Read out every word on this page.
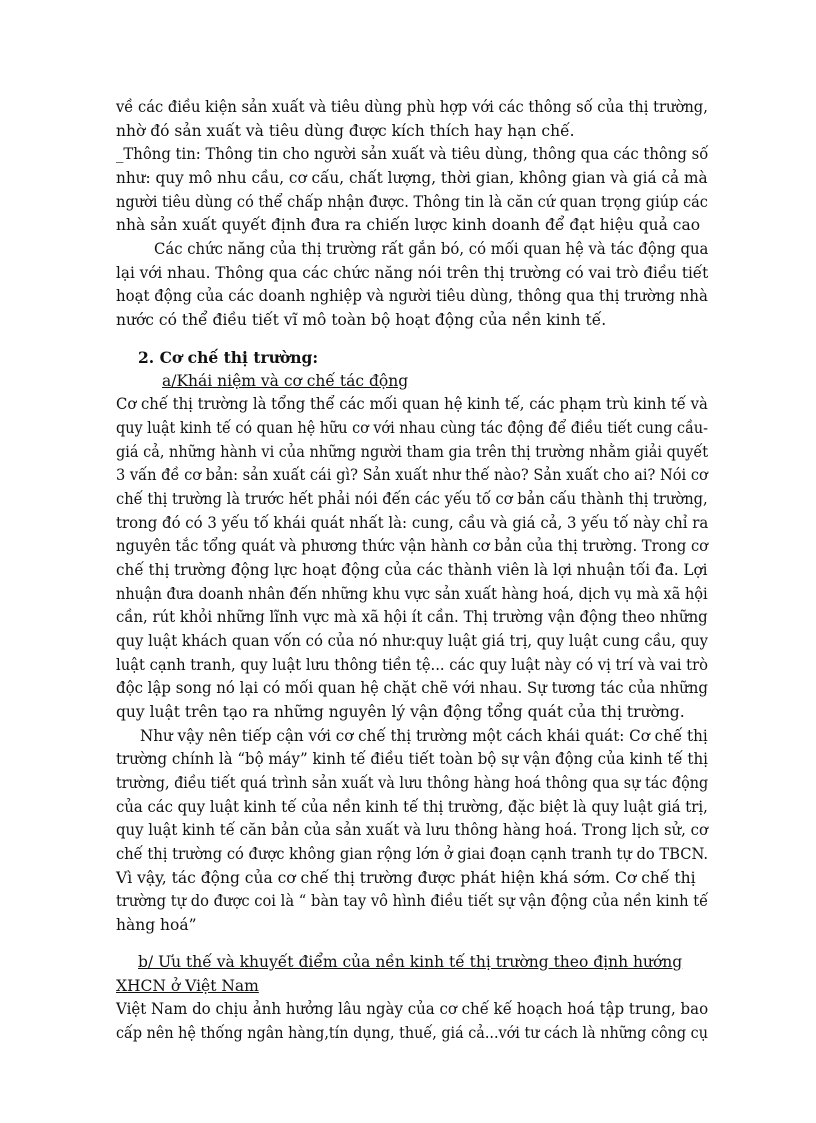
về các điều kiện sản xuất và tiêu dùng phù hợp với các thông số của thị trường,
nhờ đó sản xuất và tiêu dùng được kích thích hay hạn chế.
_Thông tin: Thông tin cho người sản xuất và tiêu dùng, thông qua các thông số
như: quy mô nhu cầu, cơ cấu, chất lượng, thời gian, không gian và giá cả mà
người tiêu dùng có thể chấp nhận được. Thông tin là căn cứ quan trọng giúp các
nhà sản xuất quyết định đưa ra chiến lược kinh doanh để đạt hiệu quả cao
Các chức năng của thị trường rất gắn bó, có mối quan hệ và tác động qua
lại với nhau. Thông qua các chức năng nói trên thị trường có vai trò điều tiết
hoạt động của các doanh nghiệp và người tiêu dùng, thông qua thị trường nhà
nước có thể điều tiết vĩ mô toàn bộ hoạt động của nền kinh tế.
2. Cơ chế thị trường:
a/Khái niệm và cơ chế tác động
Cơ chế thị trường là tổng thể các mối quan hệ kinh tế, các phạm trù kinh tế và
quy luật kinh tế có quan hệ hữu cơ với nhau cùng tác động để điều tiết cung cầu-
giá cả, những hành vi của những người tham gia trên thị trường nhằm giải quyết
3 vấn đề cơ bản: sản xuất cái gì? Sản xuất như thế nào? Sản xuất cho ai? Nói cơ
chế thị trường là trước hết phải nói đến các yếu tố cơ bản cấu thành thị trường,
trong đó có 3 yếu tố khái quát nhất là: cung, cầu và giá cả, 3 yếu tố này chỉ ra
nguyên tắc tổng quát và phương thức vận hành cơ bản của thị trường. Trong cơ
chế thị trường động lực hoạt động của các thành viên là lợi nhuận tối đa. Lợi
nhuận đưa doanh nhân đến những khu vực sản xuất hàng hoá, dịch vụ mà xã hội
cần, rút khỏi những lĩnh vực mà xã hội ít cần. Thị trường vận động theo những
quy luật khách quan vốn có của nó như:quy luật giá trị, quy luật cung cầu, quy
luật cạnh tranh, quy luật lưu thông tiền tệ... các quy luật này có vị trí và vai trò
độc lập song nó lại có mối quan hệ chặt chẽ với nhau. Sự tương tác của những
quy luật trên tạo ra những nguyên lý vận động tổng quát của thị trường.
Như vậy nên tiếp cận với cơ chế thị trường một cách khái quát: Cơ chế thị
trường chính là “bộ máy” kinh tế điều tiết toàn bộ sự vận động của kinh tế thị
trường, điều tiết quá trình sản xuất và lưu thông hàng hoá thông qua sự tác động
của các quy luật kinh tế của nền kinh tế thị trường, đặc biệt là quy luật giá trị,
quy luật kinh tế căn bản của sản xuất và lưu thông hàng hoá. Trong lịch sử, cơ
chế thị trường có được không gian rộng lớn ở giai đoạn cạnh tranh tự do TBCN.
Vì vậy, tác động của cơ chế thị trường được phát hiện khá sớm. Cơ chế thị
trường tự do được coi là “ bàn tay vô hình điều tiết sự vận động của nền kinh tế
hàng hoá”
b/ Ưu thế và khuyết điểm của nền kinh tế thị trường theo định hướng
XHCN ở Việt Nam
Việt Nam do chịu ảnh hưởng lâu ngày của cơ chế kế hoạch hoá tập trung, bao
cấp nên hệ thống ngân hàng,tín dụng, thuế, giá cả...với tư cách là những công cụ
